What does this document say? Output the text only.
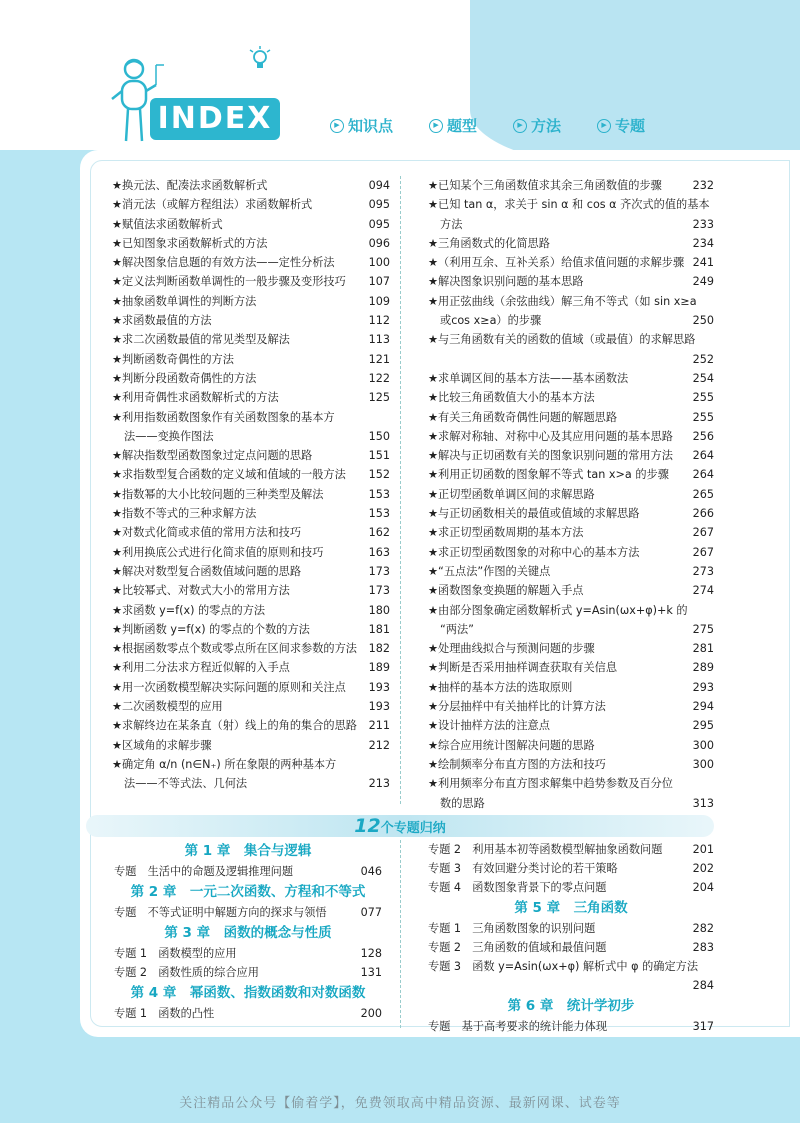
INDEX	▶ 知识点	▶ 题型	▶ 方法	▶ 专题
★换元法、配凑法求函数解析式	094
★消元法（或解方程组法）求函数解析式	095
★赋值法求函数解析式	095
★已知图象求函数解析式的方法	096
★解决图象信息题的有效方法——定性分析法	100
★定义法判断函数单调性的一般步骤及变形技巧 107
★抽象函数单调性的判断方法	109
★求函数最值的方法	112
★求二次函数最值的常见类型及解法	113
★判断函数奇偶性的方法	121
★判断分段函数奇偶性的方法	122
★利用奇偶性求函数解析式的方法	125
★利用指数函数图象作有关函数图象的基本方
法——变换作图法	150
★解决指数型函数图象过定点问题的思路	151
★求指数型复合函数的定义域和值域的一般方法 152
★指数幂的大小比较问题的三种类型及解法	153
★指数不等式的三种求解方法	153
★对数式化简或求值的常用方法和技巧	162
★利用换底公式进行化简求值的原则和技巧	163
★解决对数型复合函数值域问题的思路	173
★比较幂式、对数式大小的常用方法	173
★求函数 y=f(x) 的零点的方法	180
★判断函数 y=f(x) 的零点的个数的方法	181
★根据函数零点个数或零点所在区间求参数的方法 182
★利用二分法求方程近似解的入手点	189
★用一次函数模型解决实际问题的原则和关注点 193
★二次函数模型的应用	193
★求解终边在某条直（射）线上的角的集合的思路 211
★区域角的求解步骤	212
★确定角 α/n (n∈N₊) 所在象限的两种基本方
法——不等式法、几何法	213
★已知某个三角函数值求其余三角函数值的步骤	232
★已知 tan α，求关于 sin α 和 cos α 齐次式的值的基本
方法	233
★三角函数式的化简思路	234
★（利用互余、互补关系）给值求值问题的求解步骤 241
★解决图象识别问题的基本思路	249
★用正弦曲线（余弦曲线）解三角不等式（如 sin x≥a
或cos x≥a）的步骤	250
★与三角函数有关的函数的值域（或最值）的求解思路
252
★求单调区间的基本方法——基本函数法	254
★比较三角函数值大小的基本方法	255
★有关三角函数奇偶性问题的解题思路	255
★求解对称轴、对称中心及其应用问题的基本思路 256
★解决与正切函数有关的图象识别问题的常用方法 264
★利用正切函数的图象解不等式 tan x>a 的步骤 264
★正切型函数单调区间的求解思路	265
★与正切函数相关的最值或值域的求解思路	266
★求正切型函数周期的基本方法	267
★求正切型函数图象的对称中心的基本方法	267
★“五点法”作图的关键点	273
★函数图象变换题的解题入手点	274
★由部分图象确定函数解析式 y=Asin(ωx+φ)+k 的
“两法”	275
★处理曲线拟合与预测问题的步骤	281
★判断是否采用抽样调查获取有关信息	289
★抽样的基本方法的选取原则	293
★分层抽样中有关抽样比的计算方法	294
★设计抽样方法的注意点	295
★综合应用统计图解决问题的思路	300
★绘制频率分布直方图的方法和技巧	300
★利用频率分布直方图求解集中趋势参数及百分位
数的思路	313
12个专题归纳
第 1 章　集合与逻辑
专题　生活中的命题及逻辑推理问题	046
第 2 章　一元二次函数、方程和不等式
专题　不等式证明中解题方向的探求与领悟	077
第 3 章　函数的概念与性质
专题 1　函数模型的应用	128
专题 2　函数性质的综合应用	131
第 4 章　幂函数、指数函数和对数函数
专题 1　函数的凸性	200
专题 2　利用基本初等函数模型解抽象函数问题	201
专题 3　有效回避分类讨论的若干策略	202
专题 4　函数图象背景下的零点问题	204
第 5 章　三角函数
专题 1　三角函数图象的识别问题	282
专题 2　三角函数的值域和最值问题	283
专题 3　函数 y=Asin(ωx+φ) 解析式中 φ 的确定方法
284
第 6 章　统计学初步
专题　基于高考要求的统计能力体现	317
关注精品公众号【偷着学】，免费领取高中精品资源、最新网课、试卷等
